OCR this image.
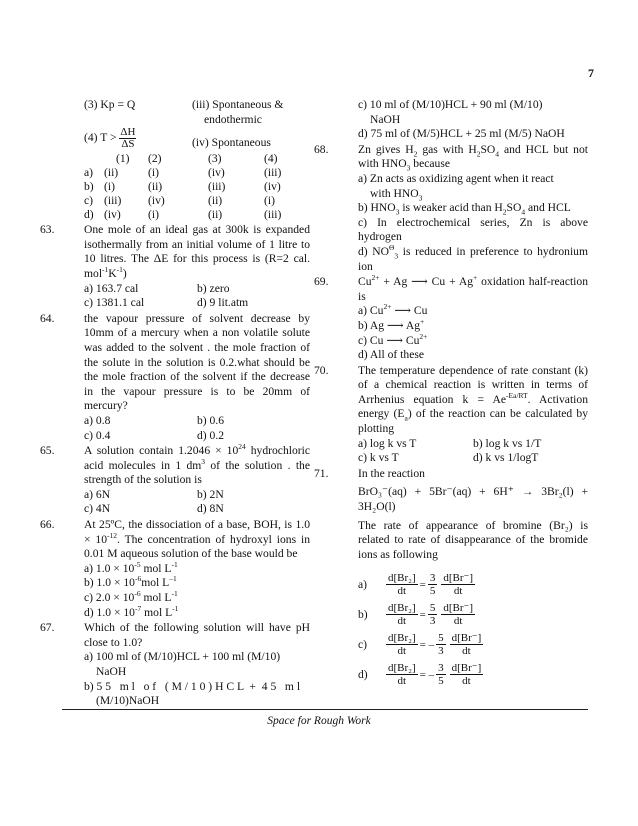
7
(3) Kp = Q	(iii) Spontaneous &
endothermic
(4) $T > \frac{\Delta H}{\Delta S}$	(iv) Spontaneous
(1)	(2)	(3)	(4)
a) (ii)	(i)	(iv)	(iii)
b) (i)	(ii)	(iii)	(iv)
c) (iii)	(iv)	(ii)	(i)
d) (iv)	(i)	(ii)	(iii)
63.	One mole of an ideal gas at 300k is expanded isothermally from an initial volume of 1 litre to 10 litres. The ΔE for this process is (R=2 cal. $mol^{-1}K^{-1}$)
a) 163.7 cal	b) zero
c) 1381.1 cal	d) 9 lit.atm
64.	the vapour pressure of solvent decrease by 10mm of a mercury when a non volatile solute was added to the solvent . the mole fraction of the solute in the solution is 0.2.what should be the mole fraction of the solvent if the decrease in the vapour pressure is to be 20mm of mercury?
a) 0.8	b) 0.6
c) 0.4	d) 0.2
65.	A solution contain $1.2046 \times 10^{24}$ hydrochloric acid molecules in 1 $dm^3$ of the solution . the strength of the solution is
a) 6N	b) 2N
c) 4N	d) 8N
66.	At 25ºC, the dissociation of a base, BOH, is $1.0 \times 10^{-12}$. The concentration of hydroxyl ions in 0.01 M aqueous solution of the base would be
a) $1.0 \times 10^{-5}$ mol $L^{-1}$
b) $1.0 \times 10^{-6}mol$ $L^{-1}$
c) $2.0 \times 10^{-6}$ mol $L^{-1}$
d) $1.0 \times 10^{-7}$ mol $L^{-1}$
67.	Which of the following solution will have pH close to 1.0?
a) 100 ml of (M/10)HCL + 100 ml (M/10)
NaOH
b) 5 5   m l   o f   ( M / 1 0 ) H C L  +  4 5   m l
(M/10)NaOH
c) 10 ml of (M/10)HCL + 90 ml (M/10)
NaOH
d) 75 ml of (M/5)HCL + 25 ml (M/5) NaOH
68.	Zn gives $H_2$ gas with $H_2SO_4$ and HCL but not with $HNO_3$ because
a) Zn acts as oxidizing agent when it react
with $HNO_3$
b) $HNO_3$ is weaker acid than $H_2SO_4$ and HCL
c) In electrochemical series, Zn is above hydrogen
d) $NO^\Theta_3$ is reduced in preference to hydronium ion
69.	$Cu^{2+} + Ag$ ⟶ Cu + Ag+ oxidation half-reaction is
a) $Cu^{2+}$ ⟶ Cu
b) Ag ⟶ Ag+
c) Cu ⟶ $Cu^{2+}$
d) All of these
70.	The temperature dependence of rate constant (k) of a chemical reaction is written in terms of Arrhenius equation $k = Ae^{-Ea/RT}$. Activation energy $(E_a)$ of the reaction can be calculated by plotting
a) log k vs T	b) log k vs 1/T
c) k vs T	d) k vs 1/logT
71.	In the reaction
BrO₃⁻(aq) + 5Br⁻(aq) + 6H⁺ → 3Br₂(l) + 3H₂O(l)
The rate of appearance of bromine (Br₂) is related to rate of disappearance of the bromide ions as following
a)	$\frac{\text{d[Br₂]}}{dt} = \frac{3}{5} d[Br^-]$
dt
b)	$\frac{\text{d[Br₂]}}{dt} = \frac{5}{3} d[Br^-]$
dt
c)	$\frac{\text{d[Br₂]}}{dt}$ = –
5
3
d[Br⁻]
dt
d)	$\frac{\text{d[Br₂]}}{dt}$ = –
3
5
d[Br⁻]
dt
Space for Rough Work
